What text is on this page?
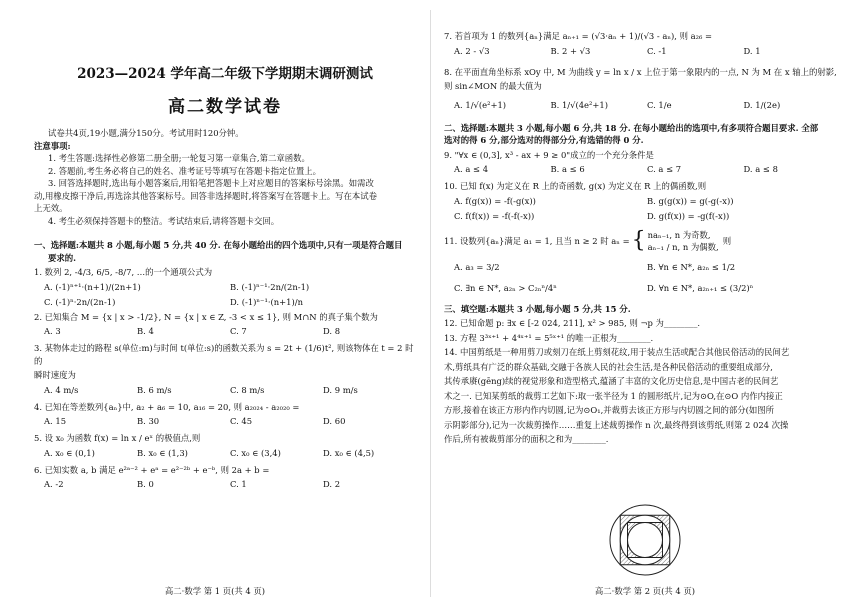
2023—2024 学年高二年级下学期期末调研测试
高二数学试卷

试卷共4页,19小题,满分150分。考试用时120分钟。

注意事项:

1. 考生答题:选择性必修第二册全册;一轮复习第一章集合,第二章函数。

2. 答题前,考生务必将自己的姓名、准考证号等填写在答题卡指定位置上。

3. 回答选择题时,选出每小题答案后,用铅笔把答题卡上对应题目的答案标号涂黑。如需改

动,用橡皮擦干净后,再选涂其他答案标号。回答非选择题时,将答案写在答题卡上。写在本试卷

上无效。

4. 考生必须保持答题卡的整洁。考试结束后,请将答题卡交回。

一、选择题:本题共 8 小题,每小题 5 分,共 40 分. 在每小题给出的四个选项中,只有一项是符合题目
要求的.
1. 数列 2, -4/3, 6/5, -8/7, …的一个通项公式为
A. (-1)ⁿ⁺¹·(n+1)/(2n+1)	B. (-1)ⁿ⁻¹·2n/(2n-1)
C. (-1)ⁿ·2n/(2n-1)	D. (-1)ⁿ⁻¹·(n+1)/n
2. 已知集合 M = {x | x > -1/2}, N = {x | x ∈ Z, -3 < x ≤ 1}, 则 M∩N 的真子集个数为
A. 3	B. 4	C. 7	D. 8
3. 某物体走过的路程 s(单位:m)与时间 t(单位:s)的函数关系为 s = 2t + (1/6)t², 则该物体在 t = 2 时的
瞬时速度为
A. 4 m/s	B. 6 m/s	C. 8 m/s	D. 9 m/s
4. 已知在等差数列{aₙ}中, a₂ + a₆ = 10, a₁₆ = 20, 则 a₂₀₂₄ - a₂₀₂₀ =
A. 15	B. 30	C. 45	D. 60
5. 设 x₀ 为函数 f(x) = ln x / eˣ 的极值点,则
A. x₀ ∈ (0,1)	B. x₀ ∈ (1,3)	C. x₀ ∈ (3,4)	D. x₀ ∈ (4,5)
6. 已知实数 a, b 满足 e²ᵃ⁻² + eᵃ = e²⁻²ᵇ + e⁻ᵇ, 则 2a + b =
A. -2	B. 0	C. 1	D. 2
高二·数学 第 1 页(共 4 页)
7. 若首项为 1 的数列{aₙ}满足 aₙ₊₁ = (√3·aₙ + 1)/(√3 - aₙ), 则 a₂₆ =
A. 2 - √3	B. 2 + √3	C. -1	D. 1
8. 在平面直角坐标系 xOy 中, M 为曲线 y = ln x / x 上位于第一象限内的一点, N 为 M 在 x 轴上的射影,
则 sin∠MON 的最大值为
A. 1/√(e²+1)	B. 1/√(4e²+1)	C. 1/e	D. 1/(2e)
二、选择题:本题共 3 小题,每小题 6 分,共 18 分. 在每小题给出的选项中,有多项符合题目要求. 全部
选对的得 6 分,部分选对的得部分分,有选错的得 0 分.
9. "∀x ∈ (0,3], x³ - ax + 9 ≥ 0"成立的一个充分条件是
A. a ≤ 4	B. a ≤ 6	C. a ≤ 7	D. a ≤ 8
10. 已知 f(x) 为定义在 R 上的奇函数, g(x) 为定义在 R 上的偶函数,则
A. f(g(x)) = -f(-g(x))	B. g(g(x)) = g(-g(-x))
C. f(f(x)) = -f(-f(-x))	D. g(f(x)) = -g(f(-x))
11. 设数列{aₙ}满足 a₁ = 1, 且当 n ≥ 2 时 aₙ = { naₙ₋₁, n 为奇数,
aₙ₋₁ / n, n 为偶数,
则
A. a₃ = 3/2	B. ∀n ∈ N*, a₂ₙ ≤ 1/2
C. ∃n ∈ N*, a₂ₙ > C₂ₙⁿ/4ⁿ	D. ∀n ∈ N*, a₂ₙ₊₁ ≤ (3/2)ⁿ
三、填空题:本题共 3 小题,每小题 5 分,共 15 分.
12. 已知命题 p: ∃x ∈ [-2 024, 211], x² > 985, 则 ¬p 为________.
13. 方程 3³ˣ⁺¹ + 4⁴ˣ⁺¹ = 5⁵ˣ⁺¹ 的唯一正根为________.
14. 中国剪纸是一种用剪刀或刻刀在纸上剪刻花纹,用于装点生活或配合其他民俗活动的民间艺
术,剪纸具有广泛的群众基础,交融于各族人民的社会生活,是各种民俗活动的重要组成部分,
其传承赓(gēng)续的视觉形象和造型格式,蕴涵了丰富的文化历史信息,是中国古老的民间艺
术之一. 已知某剪纸的裁剪工艺如下:取一张半径为 1 的圆形纸片,记为⊙O,在⊙O 内作内接正
方形,接着在该正方形内作内切圆,记为⊙O₁,并裁剪去该正方形与内切圆之间的部分(如图所
示阴影部分),记为一次裁剪操作……重复上述裁剪操作 n 次,最终得到该剪纸,则第 2 024 次操
作后,所有被裁剪部分的面积之和为________.
高二·数学 第 2 页(共 4 页)
